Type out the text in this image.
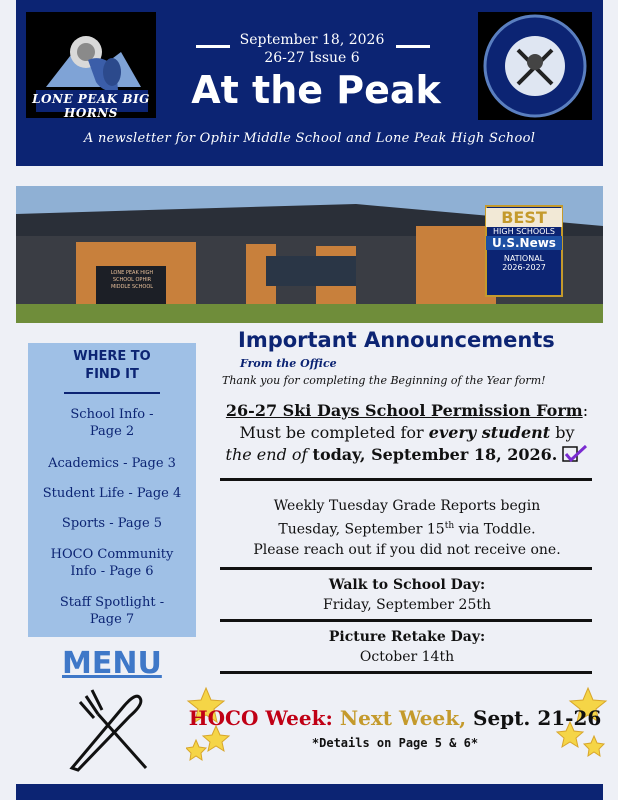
LONE PEAK BIG HORNS
September 18, 2026
26-27 Issue 6
At the Peak
A newsletter for Ophir Middle School and Lone Peak High School
LONE PEAK HIGH SCHOOL OPHIR MIDDLE SCHOOL
BEST
HIGH SCHOOLS
U.S.News
NATIONAL
2026-2027
WHERE TO
FIND IT
School Info -
Page 2
Academics - Page 3
Student Life - Page 4
Sports - Page 5
HOCO Community
Info - Page 6
Staff Spotlight -
Page 7
MENU
Important Announcements
From the Office
Thank you for completing the Beginning of the Year form!
26-27 Ski Days School Permission Form:
Must be completed for every student by
the end of today, September 18, 2026.
Weekly Tuesday Grade Reports begin
Tuesday, September 15th via Toddle.
Please reach out if you did not receive one.
Walk to School Day:
Friday, September 25th
Picture Retake Day:
October 14th
HOCO Week: Next Week, Sept. 21-26
*Details on Page 5 & 6*
